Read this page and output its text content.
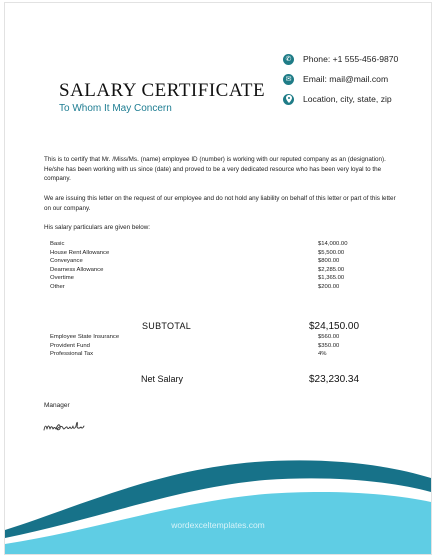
✆ Phone: +1 555-456-9870
✉ Email: mail@mail.com
Location, city, state, zip
SALARY CERTIFICATE
To Whom It May Concern
This is to certify that Mr. /Miss/Ms. (name) employee ID (number) is working with our reputed company as an (designation). He/she has been working with us since (date) and proved to be a very dedicated resource who has been very loyal to the company.
We are issuing this letter on the request of our employee and do not hold any liability on behalf of this letter or part of this letter on our company.
His salary particulars are given below:
Basic	$14,000.00
House Rent Allowance	$5,500.00
Conveyance	$800.00
Dearness Allowance	$2,285.00
Overtime	$1,365.00
Other	$200.00
SUBTOTAL	$24,150.00
Employee State Insurance	$560.00
Provident Fund	$350.00
Professional Tax	4%
Net Salary	$23,230.34
Manager
wordexceltemplates.com
